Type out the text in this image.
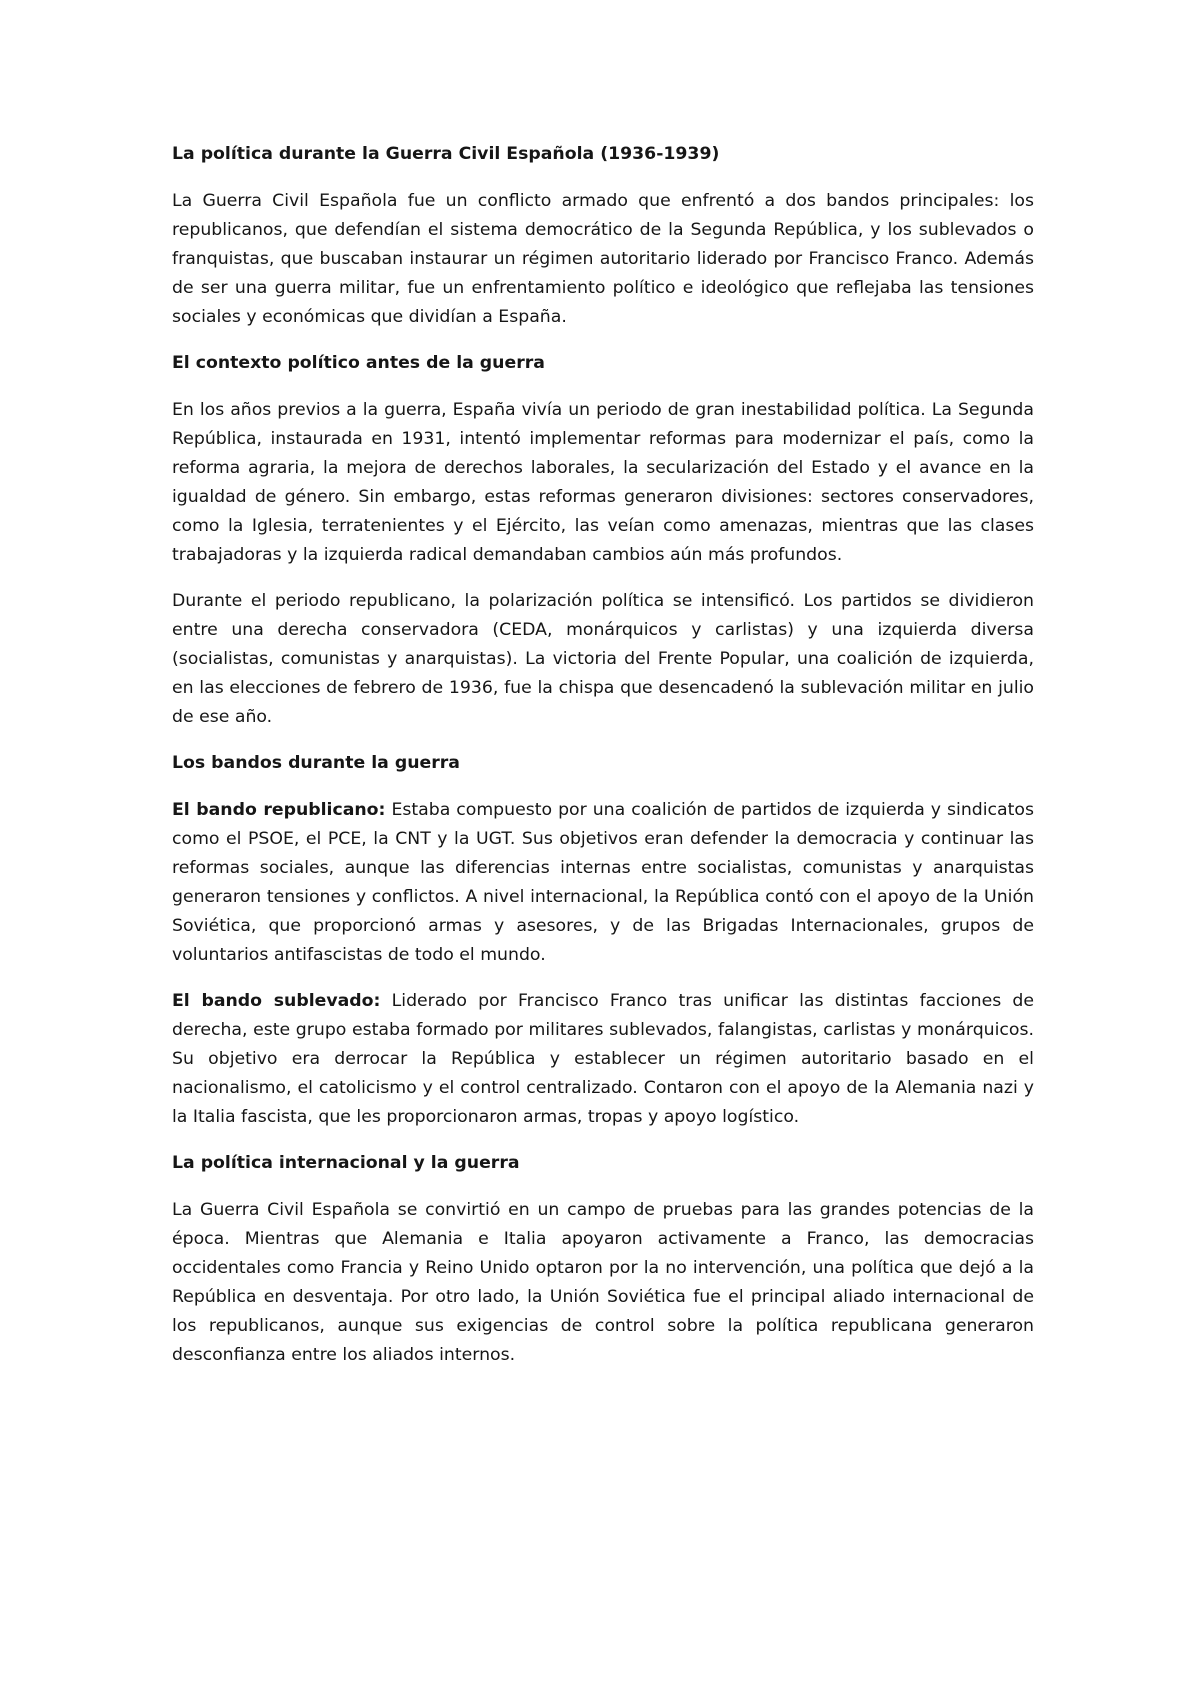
La política durante la Guerra Civil Española (1936-1939)

La Guerra Civil Española fue un conflicto armado que enfrentó a dos bandos principales: los republicanos, que defendían el sistema democrático de la Segunda República, y los sublevados o franquistas, que buscaban instaurar un régimen autoritario liderado por Francisco Franco. Además de ser una guerra militar, fue un enfrentamiento político e ideológico que reflejaba las tensiones sociales y económicas que dividían a España.

El contexto político antes de la guerra

En los años previos a la guerra, España vivía un periodo de gran inestabilidad política. La Segunda República, instaurada en 1931, intentó implementar reformas para modernizar el país, como la reforma agraria, la mejora de derechos laborales, la secularización del Estado y el avance en la igualdad de género. Sin embargo, estas reformas generaron divisiones: sectores conservadores, como la Iglesia, terratenientes y el Ejército, las veían como amenazas, mientras que las clases trabajadoras y la izquierda radical demandaban cambios aún más profundos.

Durante el periodo republicano, la polarización política se intensificó. Los partidos se dividieron entre una derecha conservadora (CEDA, monárquicos y carlistas) y una izquierda diversa (socialistas, comunistas y anarquistas). La victoria del Frente Popular, una coalición de izquierda, en las elecciones de febrero de 1936, fue la chispa que desencadenó la sublevación militar en julio de ese año.

Los bandos durante la guerra

El bando republicano: Estaba compuesto por una coalición de partidos de izquierda y sindicatos como el PSOE, el PCE, la CNT y la UGT. Sus objetivos eran defender la democracia y continuar las reformas sociales, aunque las diferencias internas entre socialistas, comunistas y anarquistas generaron tensiones y conflictos. A nivel internacional, la República contó con el apoyo de la Unión Soviética, que proporcionó armas y asesores, y de las Brigadas Internacionales, grupos de voluntarios antifascistas de todo el mundo.

El bando sublevado: Liderado por Francisco Franco tras unificar las distintas facciones de derecha, este grupo estaba formado por militares sublevados, falangistas, carlistas y monárquicos. Su objetivo era derrocar la República y establecer un régimen autoritario basado en el nacionalismo, el catolicismo y el control centralizado. Contaron con el apoyo de la Alemania nazi y la Italia fascista, que les proporcionaron armas, tropas y apoyo logístico.

La política internacional y la guerra

La Guerra Civil Española se convirtió en un campo de pruebas para las grandes potencias de la época. Mientras que Alemania e Italia apoyaron activamente a Franco, las democracias occidentales como Francia y Reino Unido optaron por la no intervención, una política que dejó a la República en desventaja. Por otro lado, la Unión Soviética fue el principal aliado internacional de los republicanos, aunque sus exigencias de control sobre la política republicana generaron desconfianza entre los aliados internos.
